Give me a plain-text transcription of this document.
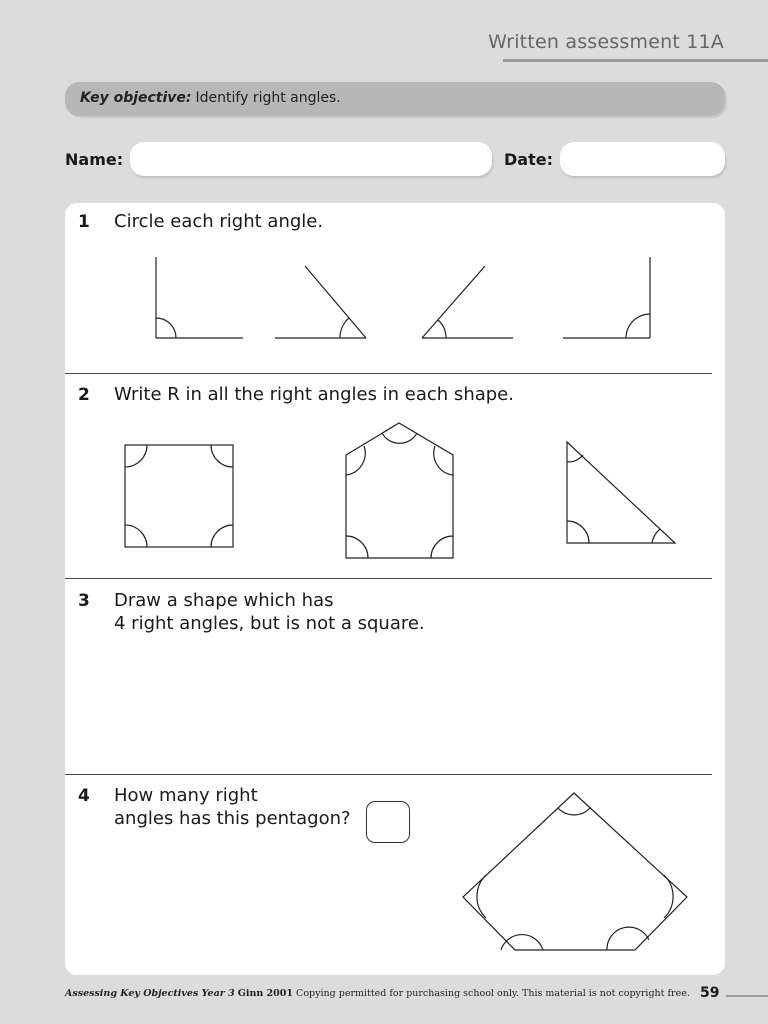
Written assessment 11A
Key objective: Identify right angles.
Name:	Date:
1 Circle each right angle.
2 Write R in all the right angles in each shape.
3 Draw a shape which has
4 right angles, but is not a square.
4 How many right
angles has this pentagon?
Assessing Key Objectives Year 3 Ginn 2001 Copying permitted for purchasing school only. This material is not copyright free. 59
